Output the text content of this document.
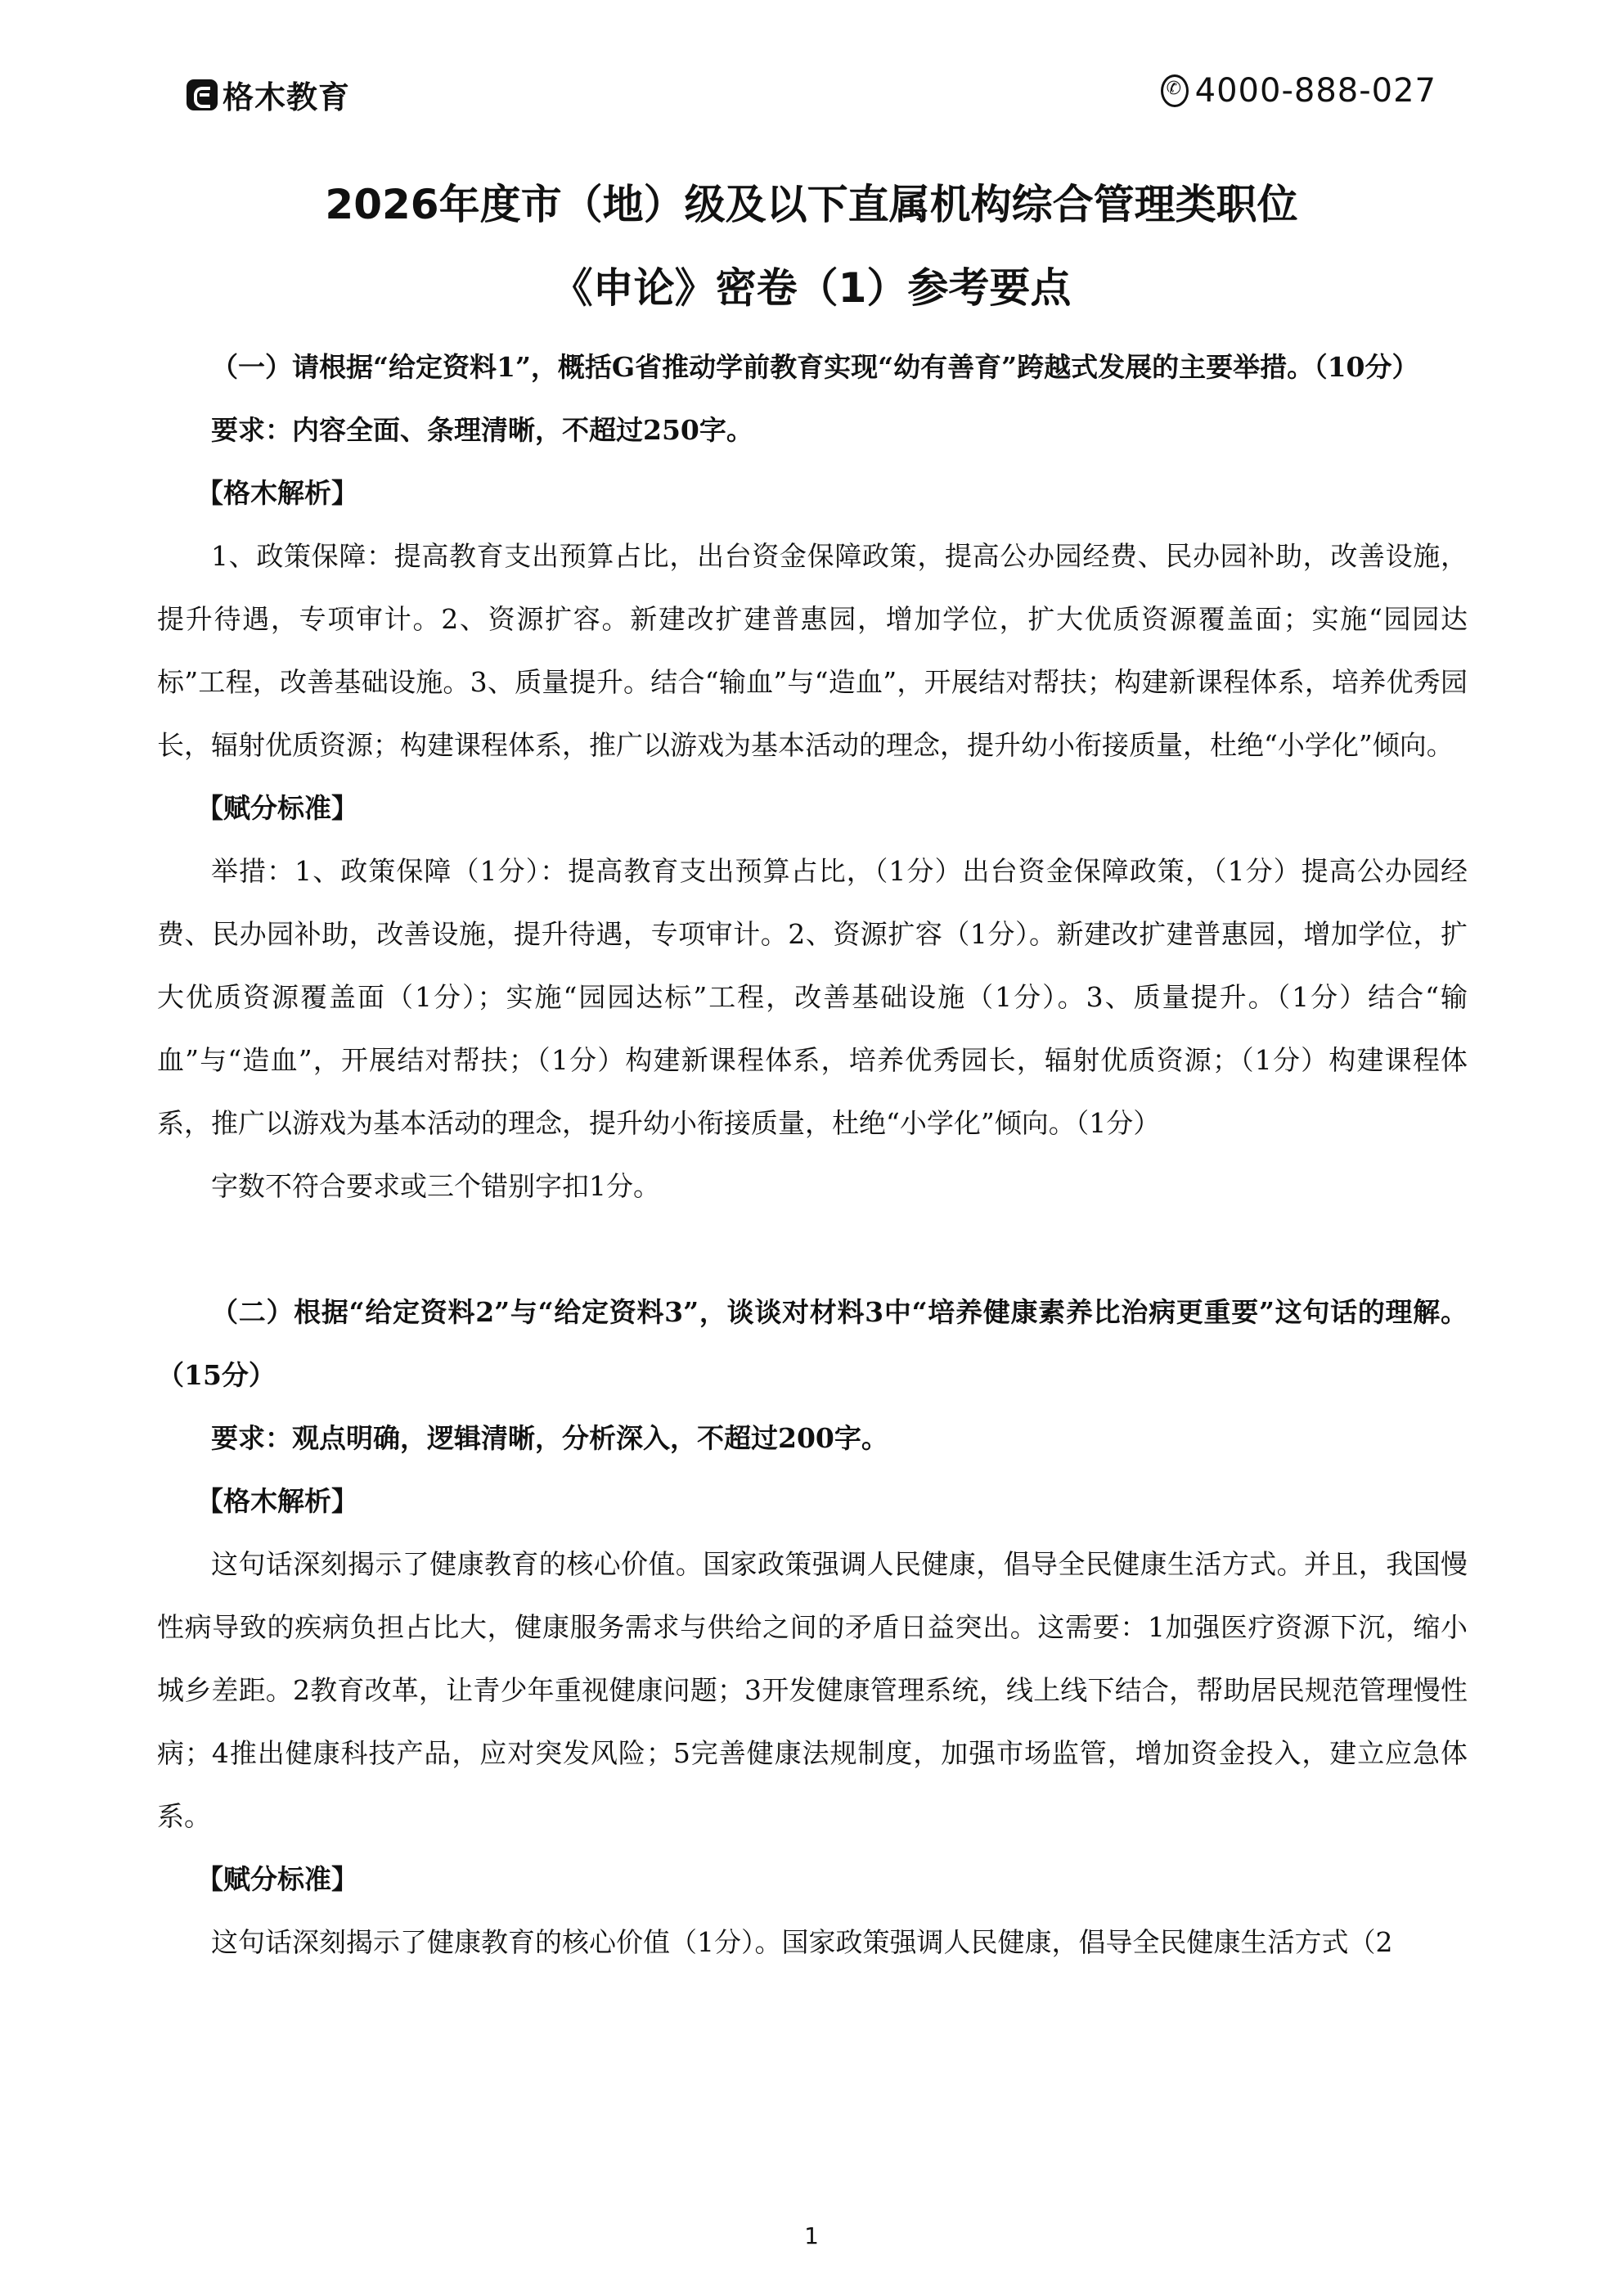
格木教育 ✆	4000-888-027
2026年度市（地）级及以下直属机构综合管理类职位
《申论》密卷（1）参考要点

（一）请根据“给定资料1”，概括G省推动学前教育实现“幼有善育”跨越式发展的主要举措。（10分）

要求：内容全面、条理清晰，不超过250字。

【格木解析】

1、政策保障：提高教育支出预算占比，出台资金保障政策，提高公办园经费、民办园补助，改善设施，提升待遇，专项审计。2、资源扩容。新建改扩建普惠园，增加学位，扩大优质资源覆盖面；实施“园园达标”工程，改善基础设施。3、质量提升。结合“输血”与“造血”，开展结对帮扶；构建新课程体系，培养优秀园长，辐射优质资源；构建课程体系，推广以游戏为基本活动的理念，提升幼小衔接质量，杜绝“小学化”倾向。

【赋分标准】

举措：1、政策保障（1分）：提高教育支出预算占比，（1分）出台资金保障政策，（1分）提高公办园经费、民办园补助，改善设施，提升待遇，专项审计。2、资源扩容（1分）。新建改扩建普惠园，增加学位，扩大优质资源覆盖面（1分）；实施“园园达标”工程，改善基础设施（1分）。3、质量提升。（1分）结合“输血”与“造血”，开展结对帮扶；（1分）构建新课程体系，培养优秀园长，辐射优质资源；（1分）构建课程体系，推广以游戏为基本活动的理念，提升幼小衔接质量，杜绝“小学化”倾向。（1分）

字数不符合要求或三个错别字扣1分。

（二）根据“给定资料2”与“给定资料3”，谈谈对材料3中“培养健康素养比治病更重要”这句话的理解。（15分）

要求：观点明确，逻辑清晰，分析深入，不超过200字。

【格木解析】

这句话深刻揭示了健康教育的核心价值。国家政策强调人民健康，倡导全民健康生活方式。并且，我国慢性病导致的疾病负担占比大，健康服务需求与供给之间的矛盾日益突出。这需要：1加强医疗资源下沉，缩小城乡差距。2教育改革，让青少年重视健康问题；3开发健康管理系统，线上线下结合，帮助居民规范管理慢性病；4推出健康科技产品，应对突发风险；5完善健康法规制度，加强市场监管，增加资金投入，建立应急体系。

【赋分标准】

这句话深刻揭示了健康教育的核心价值（1分）。国家政策强调人民健康，倡导全民健康生活方式（2

1
